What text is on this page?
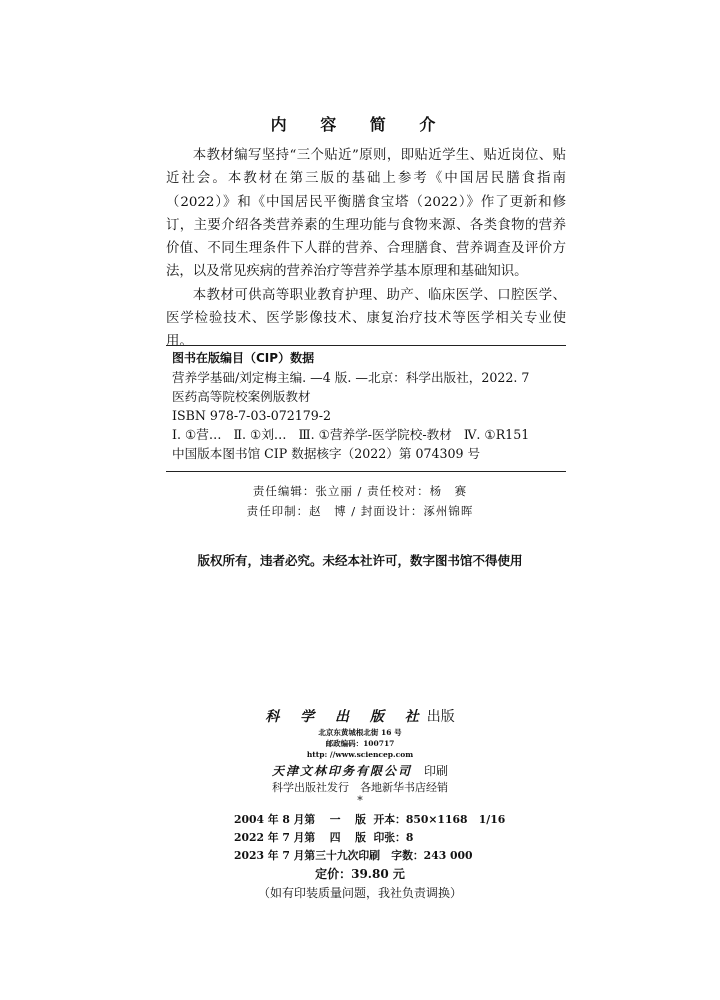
内 容 简 介

本教材编写坚持“三个贴近”原则，即贴近学生、贴近岗位、贴近社会。本教材在第三版的基础上参考《中国居民膳食指南（2022）》和《中国居民平衡膳食宝塔（2022）》作了更新和修订，主要介绍各类营养素的生理功能与食物来源、各类食物的营养价值、不同生理条件下人群的营养、合理膳食、营养调查及评价方法，以及常见疾病的营养治疗等营养学基本原理和基础知识。

本教材可供高等职业教育护理、助产、临床医学、口腔医学、医学检验技术、医学影像技术、康复治疗技术等医学相关专业使用。

图书在版编目（CIP）数据
营养学基础/刘定梅主编. —4 版. —北京：科学出版社，2022. 7
医药高等院校案例版教材
ISBN 978-7-03-072179-2
Ⅰ. ①营…   Ⅱ. ①刘…   Ⅲ. ①营养学-医学院校-教材   Ⅳ. ①R151
中国版本图书馆 CIP 数据核字（2022）第 074309 号
责任编辑：张立丽 / 责任校对：杨　赛
责任印制：赵　博 / 封面设计：涿州锦晖
版权所有，违者必究。未经本社许可，数字图书馆不得使用
科 学 出 版 社出版
北京东黄城根北街 16 号
邮政编码：100717
http: //www.sciencep.com
天津文林印务有限公司　 印刷
科学出版社发行　各地新华书店经销
*
2004 年 8 月第　 一　 版  开本：850×1168   1/16
2022 年 7 月第　 四　 版  印张：8
2023 年 7 月第三十九次印刷   字数：243 000
定价：39.80 元
（如有印装质量问题，我社负责调换）
